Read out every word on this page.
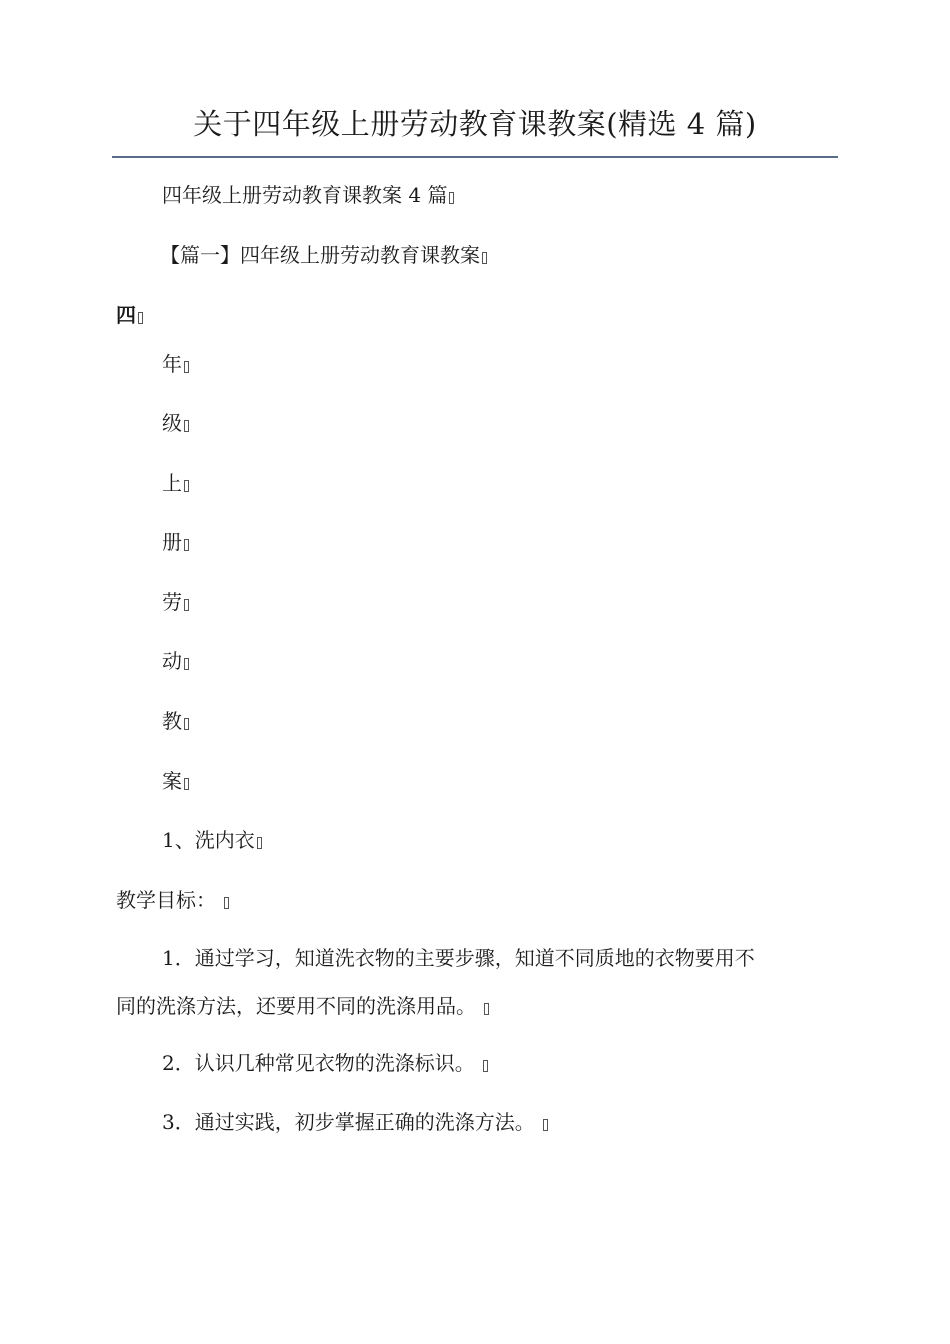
关于四年级上册劳动教育课教案(精选 4 篇)
四年级上册劳动教育课教案 4 篇
【篇一】四年级上册劳动教育课教案
四
年
级
上
册
劳
动
教
案
1、洗内衣
教学目标：

1．通过学习，知道洗衣物的主要步骤，知道不同质地的衣物要用不

同的洗涤方法，还要用不同的洗涤用品。

2．认识几种常见衣物的洗涤标识。
3．通过实践，初步掌握正确的洗涤方法。
